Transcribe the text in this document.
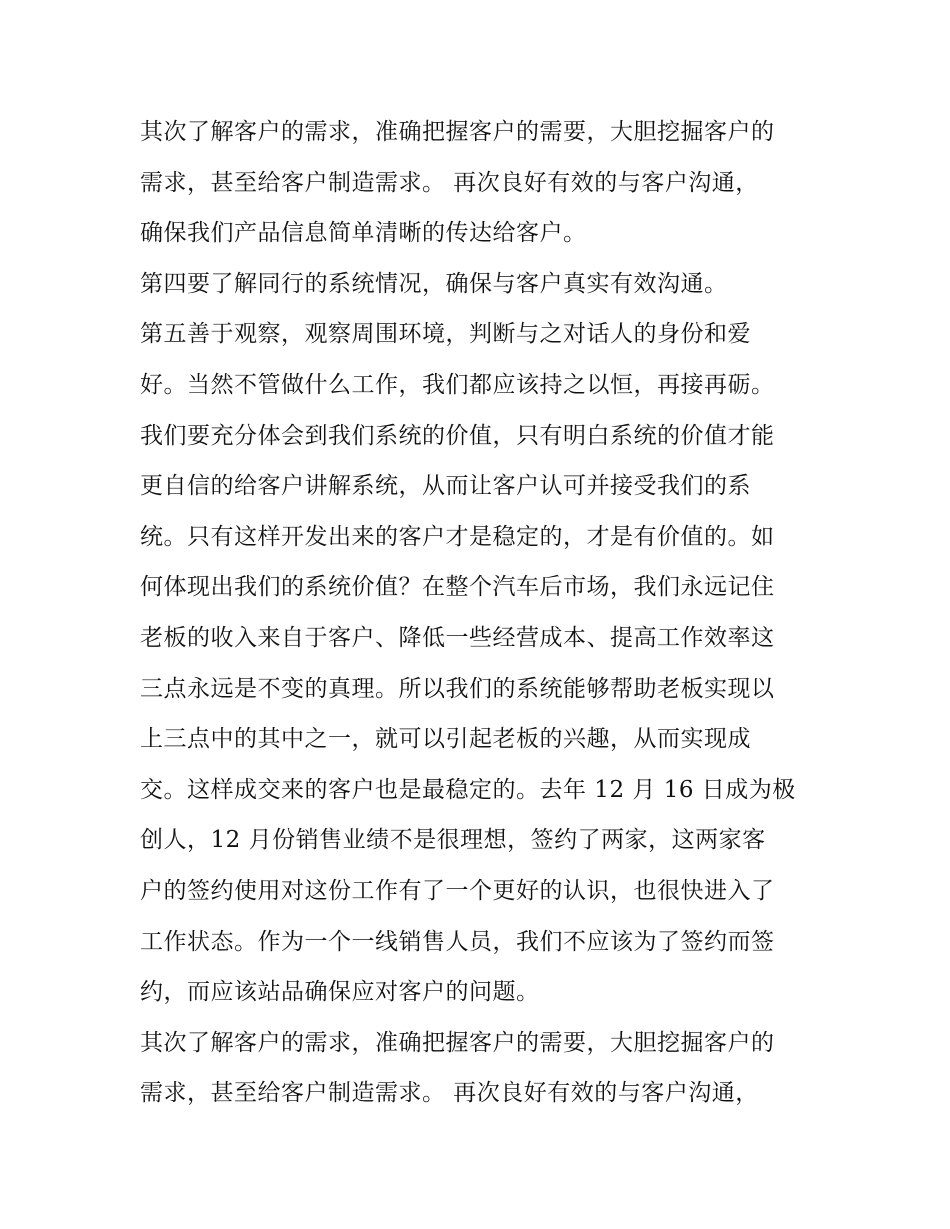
其次了解客户的需求，准确把握客户的需要，大胆挖掘客户的
需求，甚至给客户制造需求。 再次良好有效的与客户沟通，
确保我们产品信息简单清晰的传达给客户。
第四要了解同行的系统情况，确保与客户真实有效沟通。
第五善于观察，观察周围环境，判断与之对话人的身份和爱
好。当然不管做什么工作，我们都应该持之以恒，再接再砺。
我们要充分体会到我们系统的价值，只有明白系统的价值才能
更自信的给客户讲解系统，从而让客户认可并接受我们的系
统。只有这样开发出来的客户才是稳定的，才是有价值的。如
何体现出我们的系统价值？在整个汽车后市场，我们永远记住
老板的收入来自于客户、降低一些经营成本、提高工作效率这
三点永远是不变的真理。所以我们的系统能够帮助老板实现以
上三点中的其中之一，就可以引起老板的兴趣，从而实现成
交。这样成交来的客户也是最稳定的。去年 12 月 16 日成为极
创人，12 月份销售业绩不是很理想，签约了两家，这两家客
户的签约使用对这份工作有了一个更好的认识，也很快进入了
工作状态。作为一个一线销售人员，我们不应该为了签约而签
约，而应该站品确保应对客户的问题。
其次了解客户的需求，准确把握客户的需要，大胆挖掘客户的
需求，甚至给客户制造需求。 再次良好有效的与客户沟通，
